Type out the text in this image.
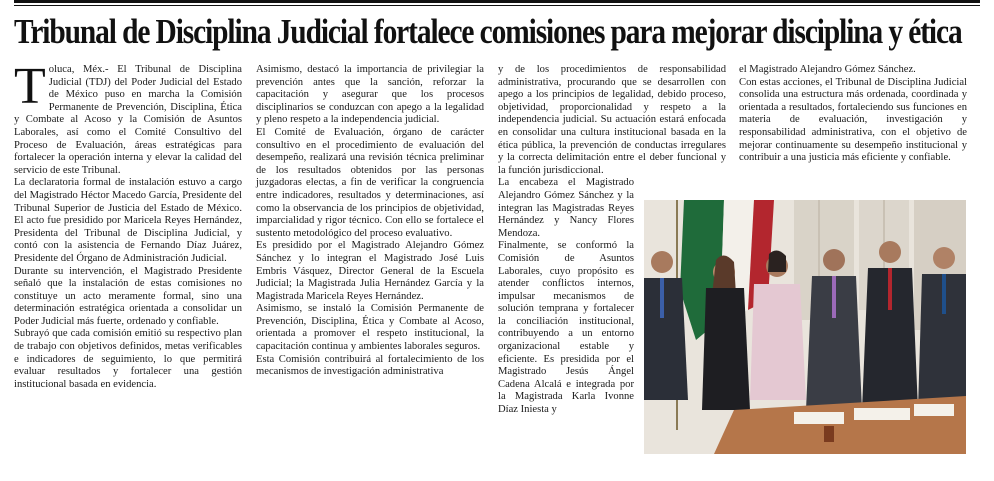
Tribunal de Disciplina Judicial fortalece comisiones para mejorar disciplina y ética
T oluca, Méx.- El Tribunal de Disciplina Judicial (TDJ) del Poder Judicial del Estado de México puso en marcha la Comisión Permanente de Prevención, Disciplina, Ética y Combate al Acoso y la Comisión de Asuntos Laborales, así como el Comité Consultivo del Proceso de Evaluación, áreas estratégicas para fortalecer la operación interna y elevar la calidad del servicio de este Tribunal.

La declaratoria formal de instalación estuvo a cargo del Magistrado Héctor Macedo García, Presidente del Tribunal Superior de Justicia del Estado de México. El acto fue presidido por Maricela Reyes Hernández, Presidenta del Tribunal de Disciplina Judicial, y contó con la asistencia de Fernando Díaz Juárez, Presidente del Órgano de Administración Judicial.

Durante su intervención, el Magistrado Presidente señaló que la instalación de estas comisiones no constituye un acto meramente formal, sino una determinación estratégica orientada a consolidar un Poder Judicial más fuerte, ordenado y confiable.

Subrayó que cada comisión emitió su respectivo plan de trabajo con objetivos definidos, metas verificables e indicadores de seguimiento, lo que permitirá evaluar resultados y fortalecer una gestión institucional basada en evidencia.

Asimismo, destacó la importancia de privilegiar la prevención antes que la sanción, reforzar la capacitación y asegurar que los procesos disciplinarios se conduzcan con apego a la legalidad y pleno respeto a la independencia judicial.

El Comité de Evaluación, órgano de carácter consultivo en el procedimiento de evaluación del desempeño, realizará una revisión técnica preliminar de los resultados obtenidos por las personas juzgadoras electas, a fin de verificar la congruencia entre indicadores, resultados y determinaciones, así como la observancia de los principios de objetividad, imparcialidad y rigor técnico. Con ello se fortalece el sustento metodológico del proceso evaluativo.

Es presidido por el Magistrado Alejandro Gómez Sánchez y lo integran el Magistrado José Luis Embris Vásquez, Director General de la Escuela Judicial; la Magistrada Julia Hernández García y la Magistrada Maricela Reyes Hernández.

Asimismo, se instaló la Comisión Permanente de Prevención, Disciplina, Ética y Combate al Acoso, orientada a promover el respeto institucional, la capacitación continua y ambientes laborales seguros.

Esta Comisión contribuirá al fortalecimiento de los mecanismos de investigación administrativa

y de los procedimientos de responsabilidad administrativa, procurando que se desarrollen con apego a los principios de legalidad, debido proceso, objetividad, proporcionalidad y respeto a la independencia judicial. Su actuación estará enfocada en consolidar una cultura institucional basada en la ética pública, la prevención de conductas irregulares y la correcta delimitación entre el deber funcional y la función jurisdiccional.

La encabeza el Magistrado Alejandro Gómez Sánchez y la integran las Magistradas Reyes Hernández y Nancy Flores Mendoza.

Finalmente, se conformó la Comisión de Asuntos Laborales, cuyo propósito es atender conflictos internos, impulsar mecanismos de solución temprana y fortalecer la conciliación institucional, contribuyendo a un entorno organizacional estable y eficiente. Es presidida por el Magistrado Jesús Ángel Cadena Alcalá e integrada por la Magistrada Karla Ivonne Díaz Iniesta y

el Magistrado Alejandro Gómez Sánchez.

Con estas acciones, el Tribunal de Disciplina Judicial consolida una estructura más ordenada, coordinada y orientada a resultados, fortaleciendo sus funciones en materia de evaluación, investigación y responsabilidad administrativa, con el objetivo de mejorar continuamente su desempeño institucional y contribuir a una justicia más eficiente y confiable.
